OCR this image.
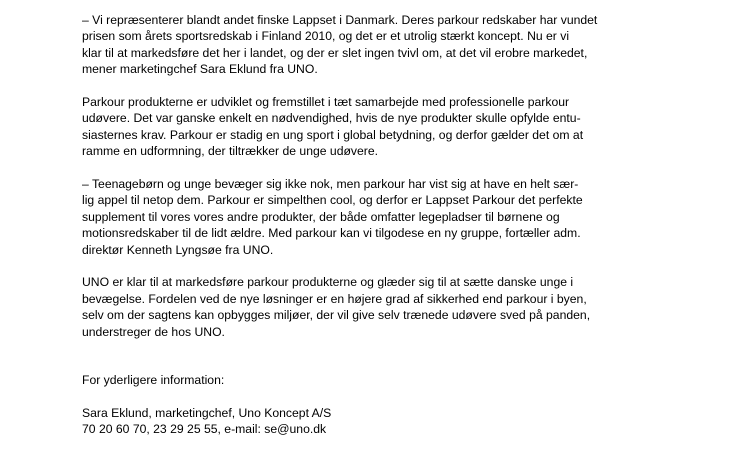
– Vi repræsenterer blandt andet finske Lappset i Danmark. Deres parkour redskaber har vundet
prisen som årets sportsredskab i Finland 2010, og det er et utrolig stærkt koncept. Nu er vi
klar til at markedsføre det her i landet, og der er slet ingen tvivl om, at det vil erobre markedet,
mener marketingchef Sara Eklund fra UNO.
Parkour produkterne er udviklet og fremstillet i tæt samarbejde med professionelle parkour
udøvere. Det var ganske enkelt en nødvendighed, hvis de nye produkter skulle opfylde entu-
siasternes krav. Parkour er stadig en ung sport i global betydning, og derfor gælder det om at
ramme en udformning, der tiltrækker de unge udøvere.
– Teenagebørn og unge bevæger sig ikke nok, men parkour har vist sig at have en helt sær-
lig appel til netop dem. Parkour er simpelthen cool, og derfor er Lappset Parkour det perfekte
supplement til vores vores andre produkter, der både omfatter legepladser til børnene og
motionsredskaber til de lidt ældre. Med parkour kan vi tilgodese en ny gruppe, fortæller adm.
direktør Kenneth Lyngsøe fra UNO.
UNO er klar til at markedsføre parkour produkterne og glæder sig til at sætte danske unge i
bevægelse. Fordelen ved de nye løsninger er en højere grad af sikkerhed end parkour i byen,
selv om der sagtens kan opbygges miljøer, der vil give selv trænede udøvere sved på panden,
understreger de hos UNO.
For yderligere information:
Sara Eklund, marketingchef, Uno Koncept A/S
70 20 60 70, 23 29 25 55, e-mail: se@uno.dk
